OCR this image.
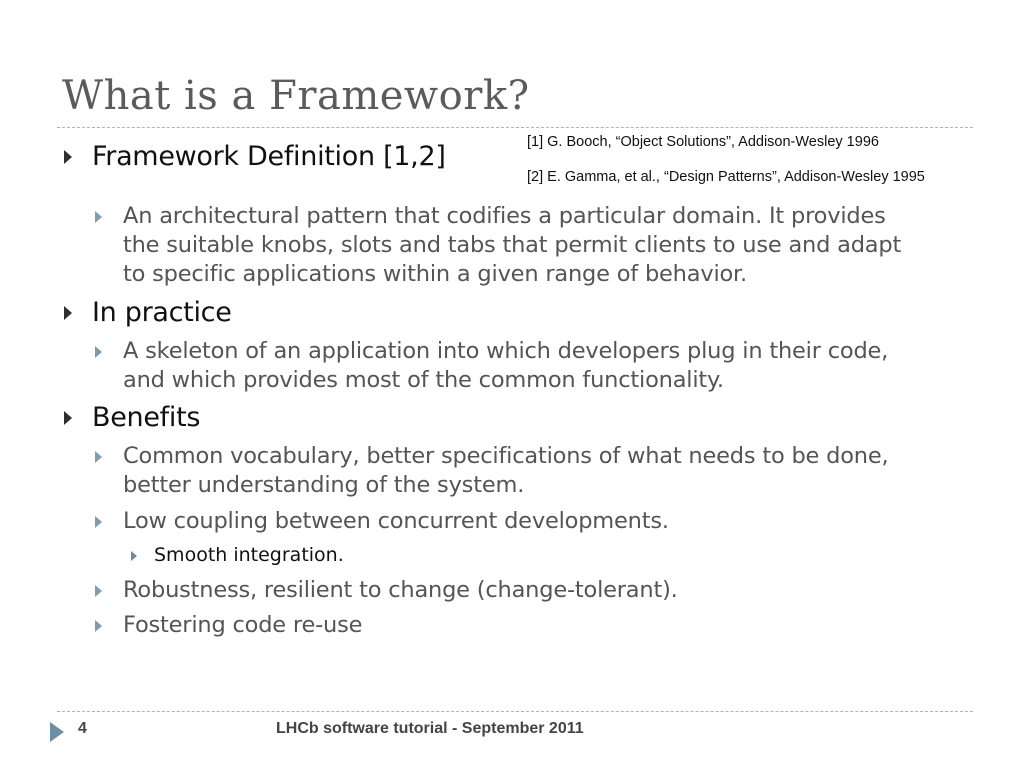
What is a Framework?
[1] G. Booch, “Object Solutions”, Addison-Wesley 1996
[2] E. Gamma, et al., “Design Patterns”, Addison-Wesley 1995
Framework Definition [1,2]
An architectural pattern that codifies a particular domain. It provides
the suitable knobs, slots and tabs that permit clients to use and adapt
to specific applications within a given range of behavior.
In practice
A skeleton of an application into which developers plug in their code,
and which provides most of the common functionality.
Benefits
Common vocabulary, better specifications of what needs to be done,
better understanding of the system.
Low coupling between concurrent developments.
Smooth integration.
Robustness, resilient to change (change-tolerant).
Fostering code re-use
4	LHCb software tutorial - September 2011
